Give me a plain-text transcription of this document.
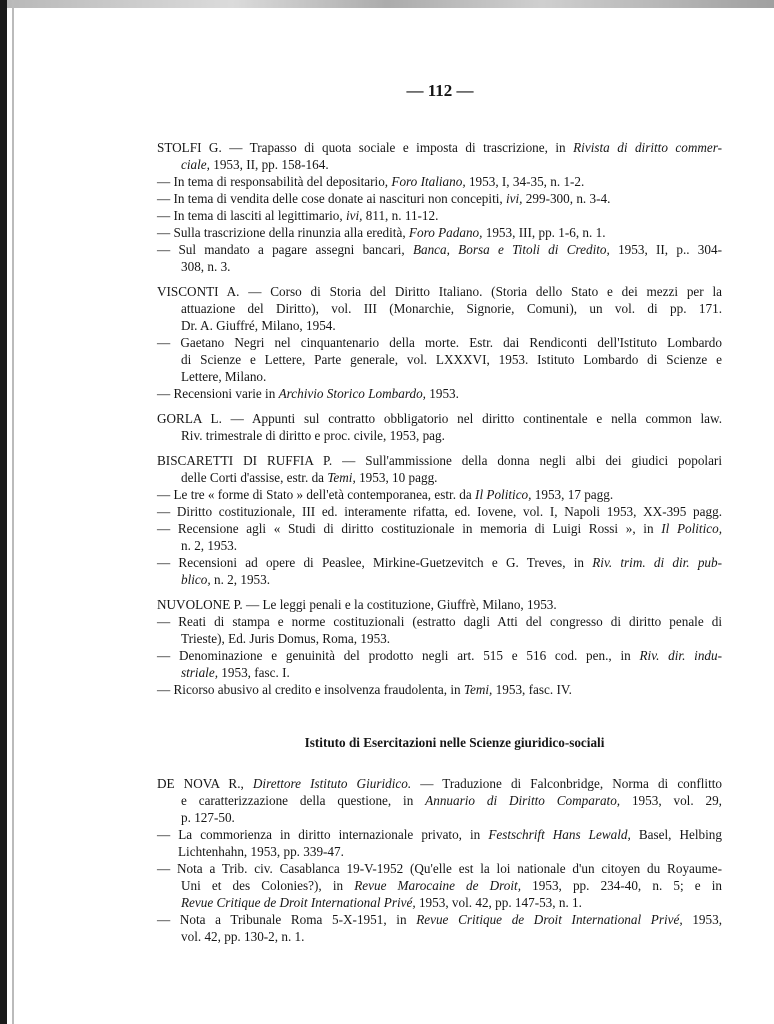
— 112 —
STOLFI G. — Trapasso di quota sociale e imposta di trascrizione, in Rivista di diritto commer-
ciale, 1953, II, pp. 158-164.
— In tema di responsabilità del depositario, Foro Italiano, 1953, I, 34-35, n. 1-2.
— In tema di vendita delle cose donate ai nascituri non concepiti, ivi, 299-300, n. 3-4.
— In tema di lasciti al legittimario, ivi, 811, n. 11-12.
— Sulla trascrizione della rinunzia alla eredità, Foro Padano, 1953, III, pp. 1-6, n. 1.
— Sul mandato a pagare assegni bancari, Banca, Borsa e Titoli di Credito, 1953, II, p.. 304-
308, n. 3.
VISCONTI A. — Corso di Storia del Diritto Italiano. (Storia dello Stato e dei mezzi per la
attuazione del Diritto), vol. III (Monarchie, Signorie, Comuni), un vol. di pp. 171.
Dr. A. Giuffré, Milano, 1954.
— Gaetano Negri nel cinquantenario della morte. Estr. dai Rendiconti dell'Istituto Lombardo
di Scienze e Lettere, Parte generale, vol. LXXXVI, 1953. Istituto Lombardo di Scienze e
Lettere, Milano.
— Recensioni varie in Archivio Storico Lombardo, 1953.
GORLA L. — Appunti sul contratto obbligatorio nel diritto continentale e nella common law.
Riv. trimestrale di diritto e proc. civile, 1953, pag.
BISCARETTI DI RUFFIA P. — Sull'ammissione della donna negli albi dei giudici popolari
delle Corti d'assise, estr. da Temi, 1953, 10 pagg.
— Le tre « forme di Stato » dell'età contemporanea, estr. da Il Politico, 1953, 17 pagg.
— Diritto costituzionale, III ed. interamente rifatta, ed. Iovene, vol. I, Napoli 1953, XX-395 pagg.
— Recensione agli « Studi di diritto costituzionale in memoria di Luigi Rossi », in Il Politico,
n. 2, 1953.
— Recensioni ad opere di Peaslee, Mirkine-Guetzevitch e G. Treves, in Riv. trim. di dir. pub-
blico, n. 2, 1953.
NUVOLONE P. — Le leggi penali e la costituzione, Giuffrè, Milano, 1953.
— Reati di stampa e norme costituzionali (estratto dagli Atti del congresso di diritto penale di
Trieste), Ed. Juris Domus, Roma, 1953.
— Denominazione e genuinità del prodotto negli art. 515 e 516 cod. pen., in Riv. dir. indu-
striale, 1953, fasc. I.
— Ricorso abusivo al credito e insolvenza fraudolenta, in Temi, 1953, fasc. IV.
Istituto di Esercitazioni nelle Scienze giuridico-sociali
DE NOVA R., Direttore Istituto Giuridico. — Traduzione di Falconbridge, Norma di conflitto
e caratterizzazione della questione, in Annuario di Diritto Comparato, 1953, vol. 29,
p. 127-50.
— La commorienza in diritto internazionale privato, in Festschrift Hans Lewald, Basel, Helbing
Lichtenhahn, 1953, pp. 339-47.
— Nota a Trib. civ. Casablanca 19-V-1952 (Qu'elle est la loi nationale d'un citoyen du Royaume-
Uni et des Colonies?), in Revue Marocaine de Droit, 1953, pp. 234-40, n. 5; e in
Revue Critique de Droit International Privé, 1953, vol. 42, pp. 147-53, n. 1.
— Nota a Tribunale Roma 5-X-1951, in Revue Critique de Droit International Privé, 1953,
vol. 42, pp. 130-2, n. 1.
